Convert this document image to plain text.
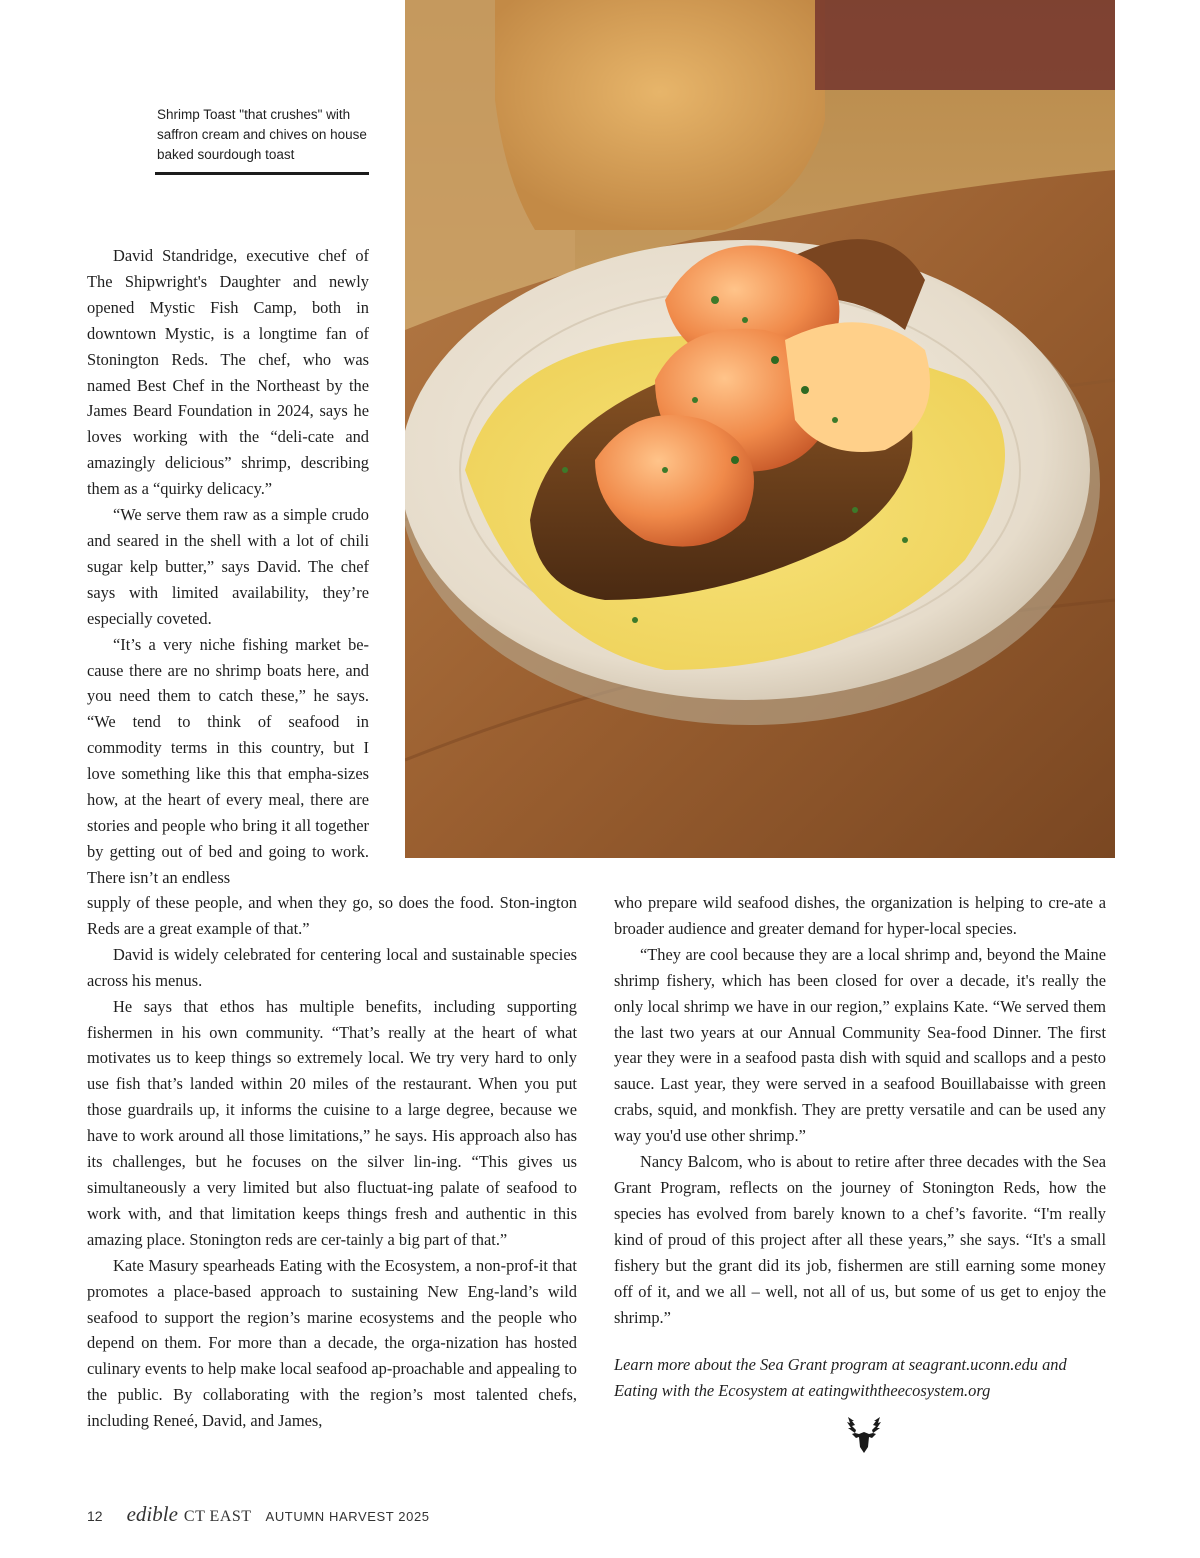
Shrimp Toast "that crushes" with saffron cream and chives on house baked sourdough toast

David Standridge, executive chef of The Shipwright's Daughter and newly opened Mystic Fish Camp, both in downtown Mystic, is a longtime fan of Stonington Reds. The chef, who was named Best Chef in the Northeast by the James Beard Foundation in 2024, says he loves working with the “deli-cate and amazingly delicious” shrimp, describing them as a “quirky delicacy.”

“We serve them raw as a simple crudo and seared in the shell with a lot of chili sugar kelp butter,” says David. The chef says with limited availability, they’re especially coveted.

“It’s a very niche fishing market be-cause there are no shrimp boats here, and you need them to catch these,” he says. “We tend to think of seafood in commodity terms in this country, but I love something like this that empha-sizes how, at the heart of every meal, there are stories and people who bring it all together by getting out of bed and going to work. There isn’t an endless

supply of these people, and when they go, so does the food. Ston-ington Reds are a great example of that.”

David is widely celebrated for centering local and sustainable species across his menus.

He says that ethos has multiple benefits, including supporting fishermen in his own community. “That’s really at the heart of what motivates us to keep things so extremely local. We try very hard to only use fish that’s landed within 20 miles of the restaurant. When you put those guardrails up, it informs the cuisine to a large degree, because we have to work around all those limitations,” he says. His approach also has its challenges, but he focuses on the silver lin-ing. “This gives us simultaneously a very limited but also fluctuat-ing palate of seafood to work with, and that limitation keeps things fresh and authentic in this amazing place. Stonington reds are cer-tainly a big part of that.”

Kate Masury spearheads Eating with the Ecosystem, a non-prof-it that promotes a place-based approach to sustaining New Eng-land’s wild seafood to support the region’s marine ecosystems and the people who depend on them. For more than a decade, the orga-nization has hosted culinary events to help make local seafood ap-proachable and appealing to the public. By collaborating with the region’s most talented chefs, including Reneé, David, and James,

who prepare wild seafood dishes, the organization is helping to cre-ate a broader audience and greater demand for hyper-local species.

“They are cool because they are a local shrimp and, beyond the Maine shrimp fishery, which has been closed for over a decade, it's really the only local shrimp we have in our region,” explains Kate. “We served them the last two years at our Annual Community Sea-food Dinner. The first year they were in a seafood pasta dish with squid and scallops and a pesto sauce. Last year, they were served in a seafood Bouillabaisse with green crabs, squid, and monkfish. They are pretty versatile and can be used any way you'd use other shrimp.”

Nancy Balcom, who is about to retire after three decades with the Sea Grant Program, reflects on the journey of Stonington Reds, how the species has evolved from barely known to a chef’s favorite. “I'm really kind of proud of this project after all these years,” she says. “It's a small fishery but the grant did its job, fishermen are still earning some money off of it, and we all – well, not all of us, but some of us get to enjoy the shrimp.”

Learn more about the Sea Grant program at seagrant.uconn.edu and Eating with the Ecosystem at eatingwiththeecosystem.org

12 edible CT EAST AUTUMN HARVEST 2025
